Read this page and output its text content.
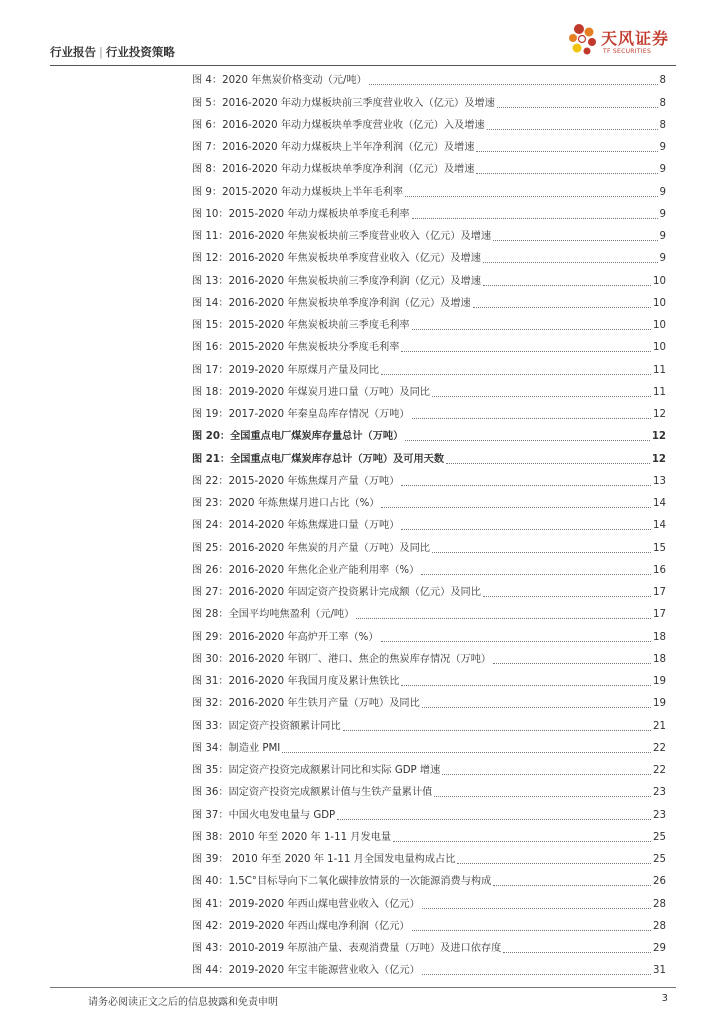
行业报告 | 行业投资策略
天风证券
TF SECURITIES
图 4：2020 年焦炭价格变动（元/吨）	8
图 5：2016-2020 年动力煤板块前三季度营业收入（亿元）及增速	8
图 6：2016-2020 年动力煤板块单季度营业收（亿元）入及增速	8
图 7：2016-2020 年动力煤板块上半年净利润（亿元）及增速	9
图 8：2016-2020 年动力煤板块单季度净利润（亿元）及增速	9
图 9：2015-2020 年动力煤板块上半年毛利率	9
图 10：2015-2020 年动力煤板块单季度毛利率	9
图 11：2016-2020 年焦炭板块前三季度营业收入（亿元）及增速	9
图 12：2016-2020 年焦炭板块单季度营业收入（亿元）及增速	9
图 13：2016-2020 年焦炭板块前三季度净利润（亿元）及增速	10
图 14：2016-2020 年焦炭板块单季度净利润（亿元）及增速	10
图 15：2015-2020 年焦炭板块前三季度毛利率	10
图 16：2015-2020 年焦炭板块分季度毛利率	10
图 17：2019-2020 年原煤月产量及同比	11
图 18：2019-2020 年煤炭月进口量（万吨）及同比	11
图 19：2017-2020 年秦皇岛库存情况（万吨）	12
图 20：全国重点电厂煤炭库存量总计（万吨）	12
图 21：全国重点电厂煤炭库存总计（万吨）及可用天数	12
图 22：2015-2020 年炼焦煤月产量（万吨）	13
图 23：2020 年炼焦煤月进口占比（%）	14
图 24：2014-2020 年炼焦煤进口量（万吨）	14
图 25：2016-2020 年焦炭的月产量（万吨）及同比	15
图 26：2016-2020 年焦化企业产能利用率（%）	16
图 27：2016-2020 年固定资产投资累计完成额（亿元）及同比	17
图 28：全国平均吨焦盈利（元/吨）	17
图 29：2016-2020 年高炉开工率（%）	18
图 30：2016-2020 年钢厂、港口、焦企的焦炭库存情况（万吨）	18
图 31：2016-2020 年我国月度及累计焦铁比	19
图 32：2016-2020 年生铁月产量（万吨）及同比	19
图 33：固定资产投资额累计同比	21
图 34：制造业 PMI	22
图 35：固定资产投资完成额累计同比和实际 GDP 增速	22
图 36：固定资产投资完成额累计值与生铁产量累计值	23
图 37：中国火电发电量与 GDP	23
图 38：2010 年至 2020 年 1-11 月发电量	25
图 39： 2010 年至 2020 年 1-11 月全国发电量构成占比	25
图 40：1.5C°目标导向下二氧化碳排放情景的一次能源消费与构成	26
图 41：2019-2020 年西山煤电营业收入（亿元）	28
图 42：2019-2020 年西山煤电净利润（亿元）	28
图 43：2010-2019 年原油产量、表观消费量（万吨）及进口依存度	29
图 44：2019-2020 年宝丰能源营业收入（亿元）	31
请务必阅读正文之后的信息披露和免责申明	3
